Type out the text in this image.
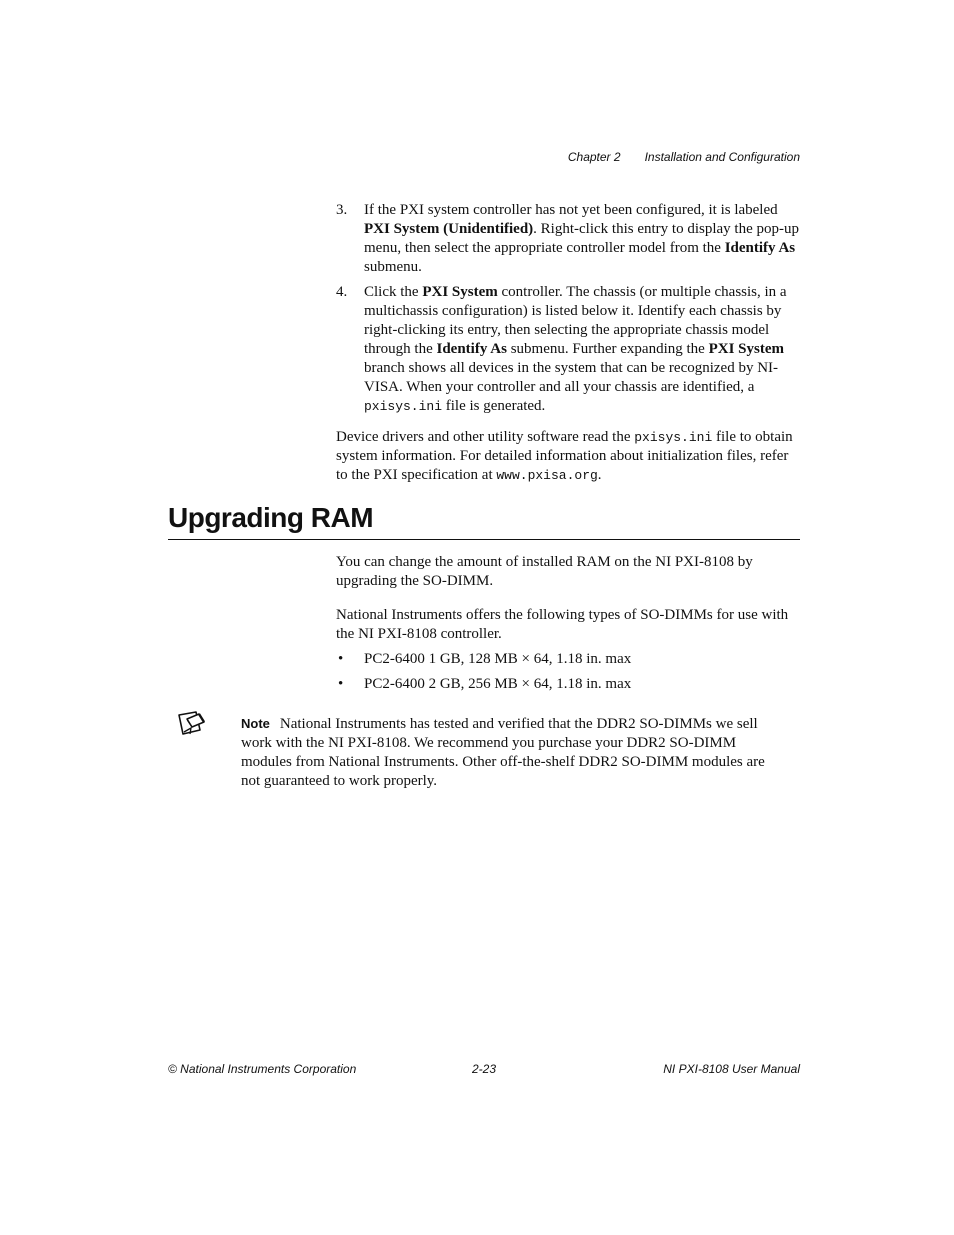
Chapter 2 Installation and Configuration
3. If the PXI system controller has not yet been configured, it is labeled PXI System (Unidentified). Right-click this entry to display the pop-up menu, then select the appropriate controller model from the Identify As submenu.
4. Click the PXI System controller. The chassis (or multiple chassis, in a multichassis configuration) is listed below it. Identify each chassis by right-clicking its entry, then selecting the appropriate chassis model through the Identify As submenu. Further expanding the PXI System branch shows all devices in the system that can be recognized by NI-VISA. When your controller and all your chassis are identified, a pxisys.ini file is generated.

Device drivers and other utility software read the pxisys.ini file to obtain system information. For detailed information about initialization files, refer to the PXI specification at www.pxisa.org.

Upgrading RAM

You can change the amount of installed RAM on the NI PXI-8108 by upgrading the SO-DIMM.

National Instruments offers the following types of SO-DIMMs for use with the NI PXI-8108 controller.

• PC2-6400 1 GB, 128 MB × 64, 1.18 in. max
• PC2-6400 2 GB, 256 MB × 64, 1.18 in. max

Note National Instruments has tested and verified that the DDR2 SO-DIMMs we sell work with the NI PXI-8108. We recommend you purchase your DDR2 SO-DIMM modules from National Instruments. Other off-the-shelf DDR2 SO-DIMM modules are not guaranteed to work properly.

© National Instruments Corporation	2-23	NI PXI-8108 User Manual
